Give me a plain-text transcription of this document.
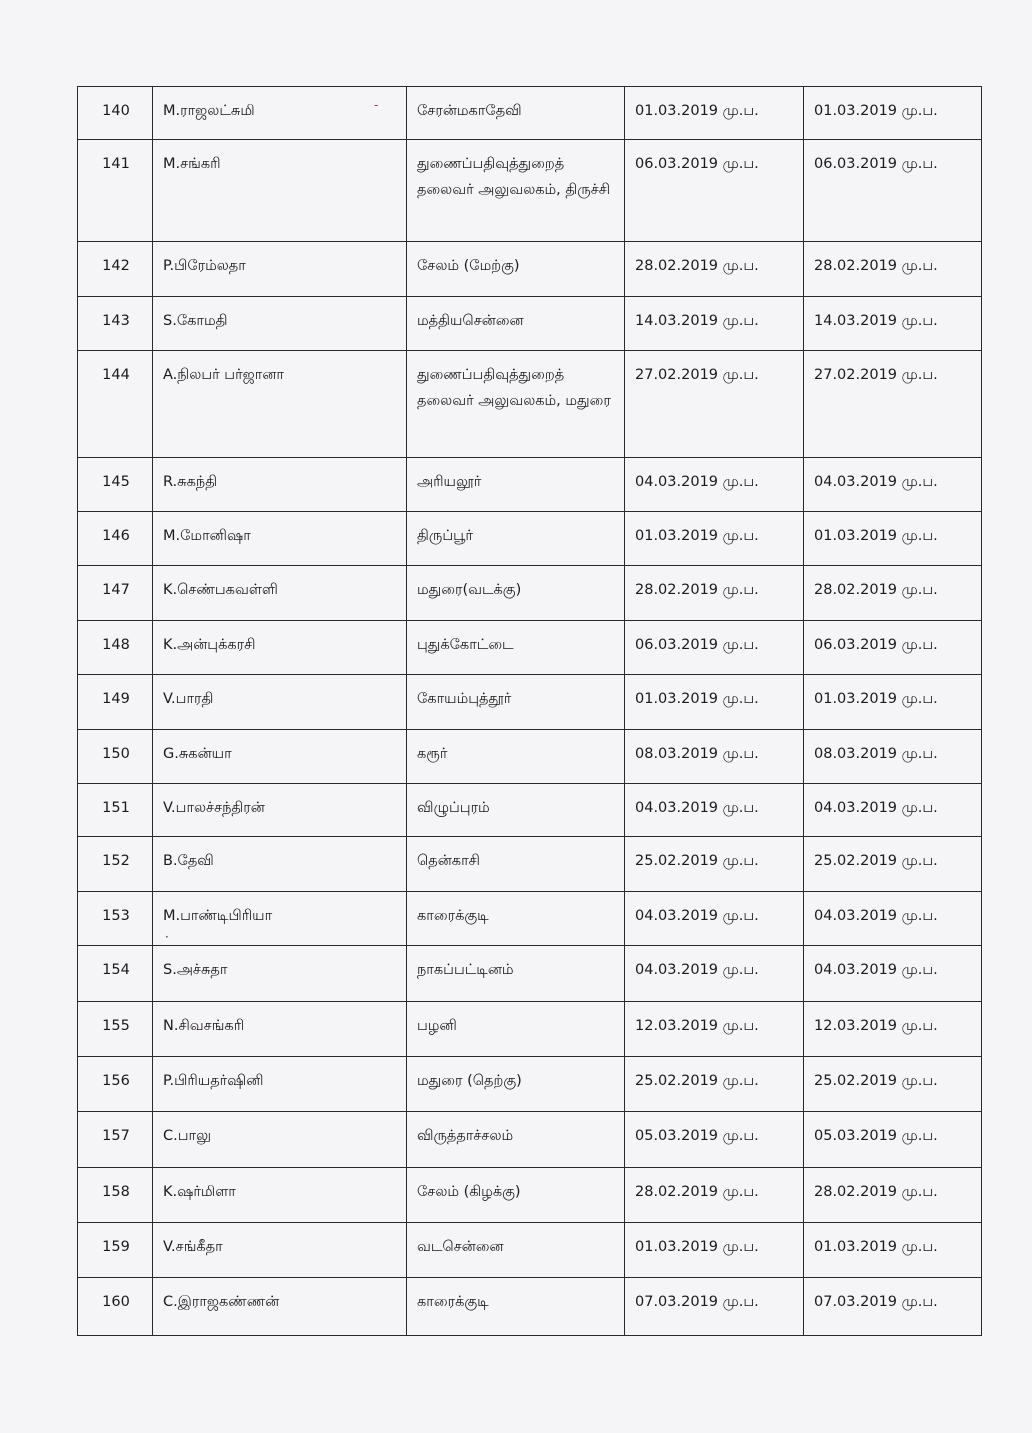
-
·
140	M.ராஜலட்சுமி	சேரன்மகாதேவி	01.03.2019 மு.ப.	01.03.2019 மு.ப.
141	M.சங்கரி	துணைப்பதிவுத்துறைத் தலைவர் அலுவலகம், திருச்சி	06.03.2019 மு.ப.	06.03.2019 மு.ப.
142	P.பிரேம்லதா	சேலம் (மேற்கு)	28.02.2019 மு.ப.	28.02.2019 மு.ப.
143	S.கோமதி	மத்தியசென்னை	14.03.2019 மு.ப.	14.03.2019 மு.ப.
144	A.நிலபர் பர்ஜானா	துணைப்பதிவுத்துறைத் தலைவர் அலுவலகம், மதுரை	27.02.2019 மு.ப.	27.02.2019 மு.ப.
145	R.சுகந்தி	அரியலூர்	04.03.2019 மு.ப.	04.03.2019 மு.ப.
146	M.மோனிஷா	திருப்பூர்	01.03.2019 மு.ப.	01.03.2019 மு.ப.
147	K.செண்பகவள்ளி	மதுரை(வடக்கு)	28.02.2019 மு.ப.	28.02.2019 மு.ப.
148	K.அன்புக்கரசி	புதுக்கோட்டை	06.03.2019 மு.ப.	06.03.2019 மு.ப.
149	V.பாரதி	கோயம்புத்தூர்	01.03.2019 மு.ப.	01.03.2019 மு.ப.
150	G.சுகன்யா	கரூர்	08.03.2019 மு.ப.	08.03.2019 மு.ப.
151	V.பாலச்சந்திரன்	விழுப்புரம்	04.03.2019 மு.ப.	04.03.2019 மு.ப.
152	B.தேவி	தென்காசி	25.02.2019 மு.ப.	25.02.2019 மு.ப.
153	M.பாண்டிபிரியா	காரைக்குடி	04.03.2019 மு.ப.	04.03.2019 மு.ப.
154	S.அச்சுதா	நாகப்பட்டினம்	04.03.2019 மு.ப.	04.03.2019 மு.ப.
155	N.சிவசங்கரி	பழனி	12.03.2019 மு.ப.	12.03.2019 மு.ப.
156	P.பிரியதர்ஷினி	மதுரை (தெற்கு)	25.02.2019 மு.ப.	25.02.2019 மு.ப.
157	C.பாலு	விருத்தாச்சலம்	05.03.2019 மு.ப.	05.03.2019 மு.ப.
158	K.ஷர்மிளா	சேலம் (கிழக்கு)	28.02.2019 மு.ப.	28.02.2019 மு.ப.
159	V.சங்கீதா	வடசென்னை	01.03.2019 மு.ப.	01.03.2019 மு.ப.
160	C.இராஜகண்ணன்	காரைக்குடி	07.03.2019 மு.ப.	07.03.2019 மு.ப.
